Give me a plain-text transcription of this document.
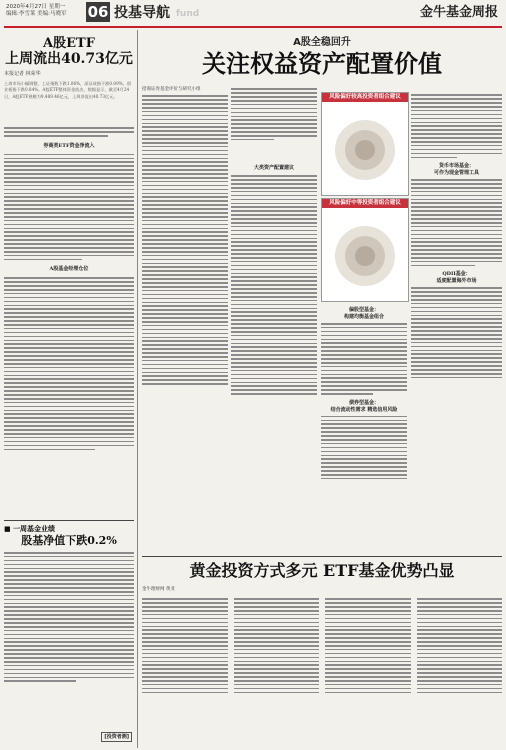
2020年4月27日 星期一
编辑:李雪莱 美编:马晓军 06 投基导航 fund	金牛基金周报
A股ETF
上周流出40.73亿元
本报记者 林荣华
上周市场小幅调整，上证指数下跌1.06%，深证成指下跌0.09%，创业板指下跌0.84%。A股ETF整体资金流出，数据显示，截至4月24日，A股ETF规模为9,489.46亿元，上周净流出40.73亿元。
券商类ETF资金净流入
A股基金经理仓位
■ 一周基金业绩
股基净值下跌0.2%
[投资者测]
A股全稳回升
关注权益资产配置价值
招商证券基金评价与研究小组
大类资产配置建议
风险偏好较高投资者组合建议
风险偏好中等投资者组合建议
偏股型基金：
构建均衡基金组合
债券型基金：
结合流动性需求 精选信用风险
货币市场基金：
可作为现金管理工具
QDII基金：
适度配置海外市场
黄金投资方式多元 ETF基金优势凸显
金牛理财网 黄亚
